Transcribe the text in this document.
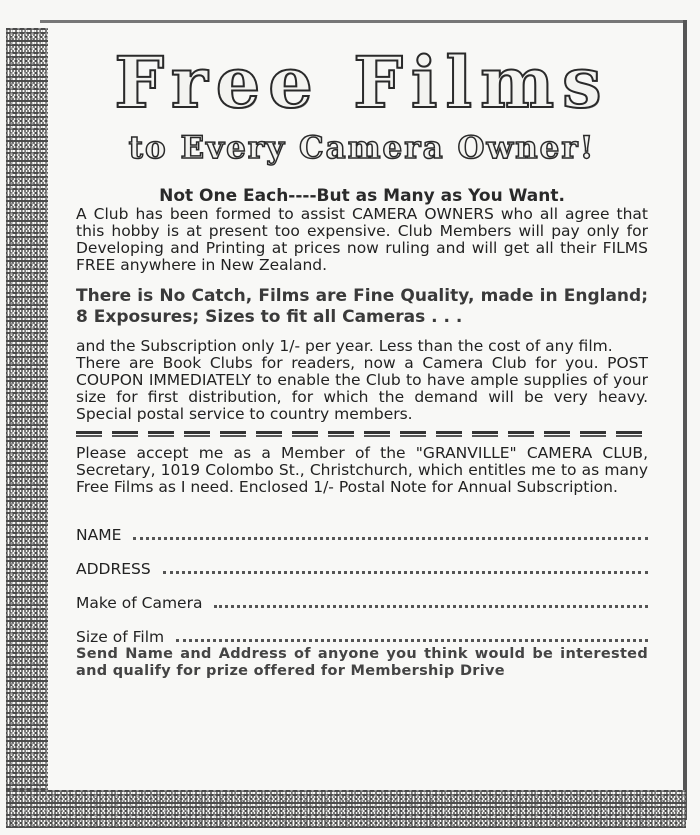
Free Films
to Every Camera Owner!

Not One Each----But as Many as You Want.

A Club has been formed to assist CAMERA OWNERS who all agree that this hobby is at present too expensive. Club Members will pay only for Developing and Printing at prices now ruling and will get all their FILMS FREE anywhere in New Zealand.

There is No Catch, Films are Fine Quality, made in England; 8 Exposures; Sizes to fit all Cameras . . .

and the Subscription only 1/- per year. Less than the cost of any film.

There are Book Clubs for readers, now a Camera Club for you. POST COUPON IMMEDIATELY to enable the Club to have ample supplies of your size for first distribution, for which the demand will be very heavy. Special postal service to country members.

Please accept me as a Member of the "GRANVILLE" CAMERA CLUB, Secretary, 1019 Colombo St., Christchurch, which entitles me to as many Free Films as I need. Enclosed 1/- Postal Note for Annual Subscription.

NAME
ADDRESS
Make of Camera
Size of Film

Send Name and Address of anyone you think would be interested and qualify for prize offered for Membership Drive
